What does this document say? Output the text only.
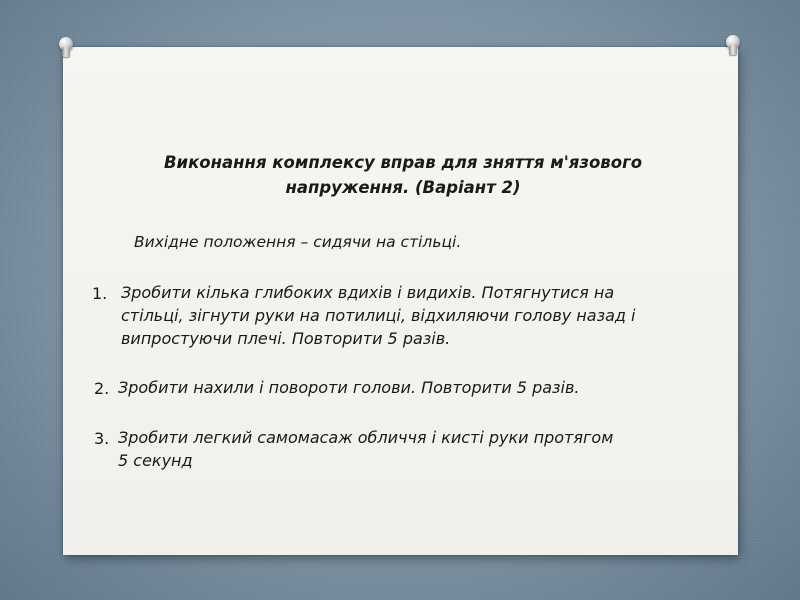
Виконання комплексу вправ для зняття м'язового
напруження. (Варіант 2)
Вихідне положення – сидячи на стільці.
1. Зробити кілька глибоких вдихів і видихів. Потягнутися на
стільці, зігнути руки на потилиці, відхиляючи голову назад і
випростуючи плечі. Повторити 5 разів.
2. Зробити нахили і повороти голови. Повторити 5 разів.
3. Зробити легкий самомасаж обличчя і кисті руки протягом
5 секунд
